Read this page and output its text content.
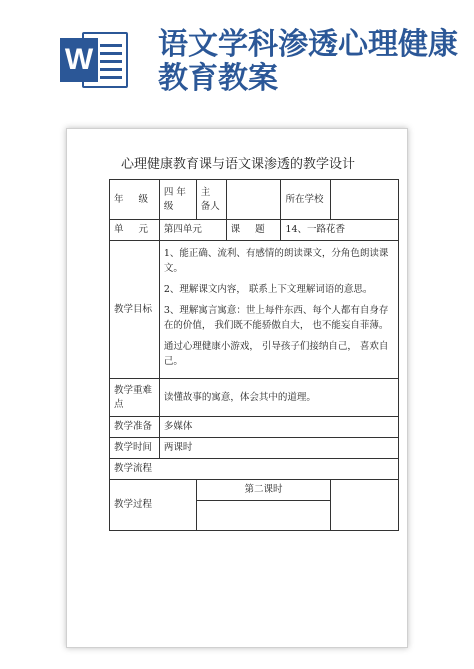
W 语文学科渗透心理健康教育教案
心理健康教育课与语文课渗透的教学设计
年 级	四 年级	主 备人		所在学校	
单 元	第四单元		课 题	14、一路花香	
教学目标	1、能正确、流利、有感情的朗读课文，分角色朗读课文。

2、理解课文内容， 联系上下文理解词语的意思。

3、理解寓言寓意：世上每件东西、每个人都有自身存在的价值， 我们既不能骄傲自大， 也不能妄自菲薄。

通过心理健康小游戏， 引导孩子们接纳自己， 喜欢自己。				

教学重难点	读懂故事的寓意，体会其中的道理。				
教学准备	多媒体				
教学时间	两课时				
教学流程					
教学过程		第二课时			
